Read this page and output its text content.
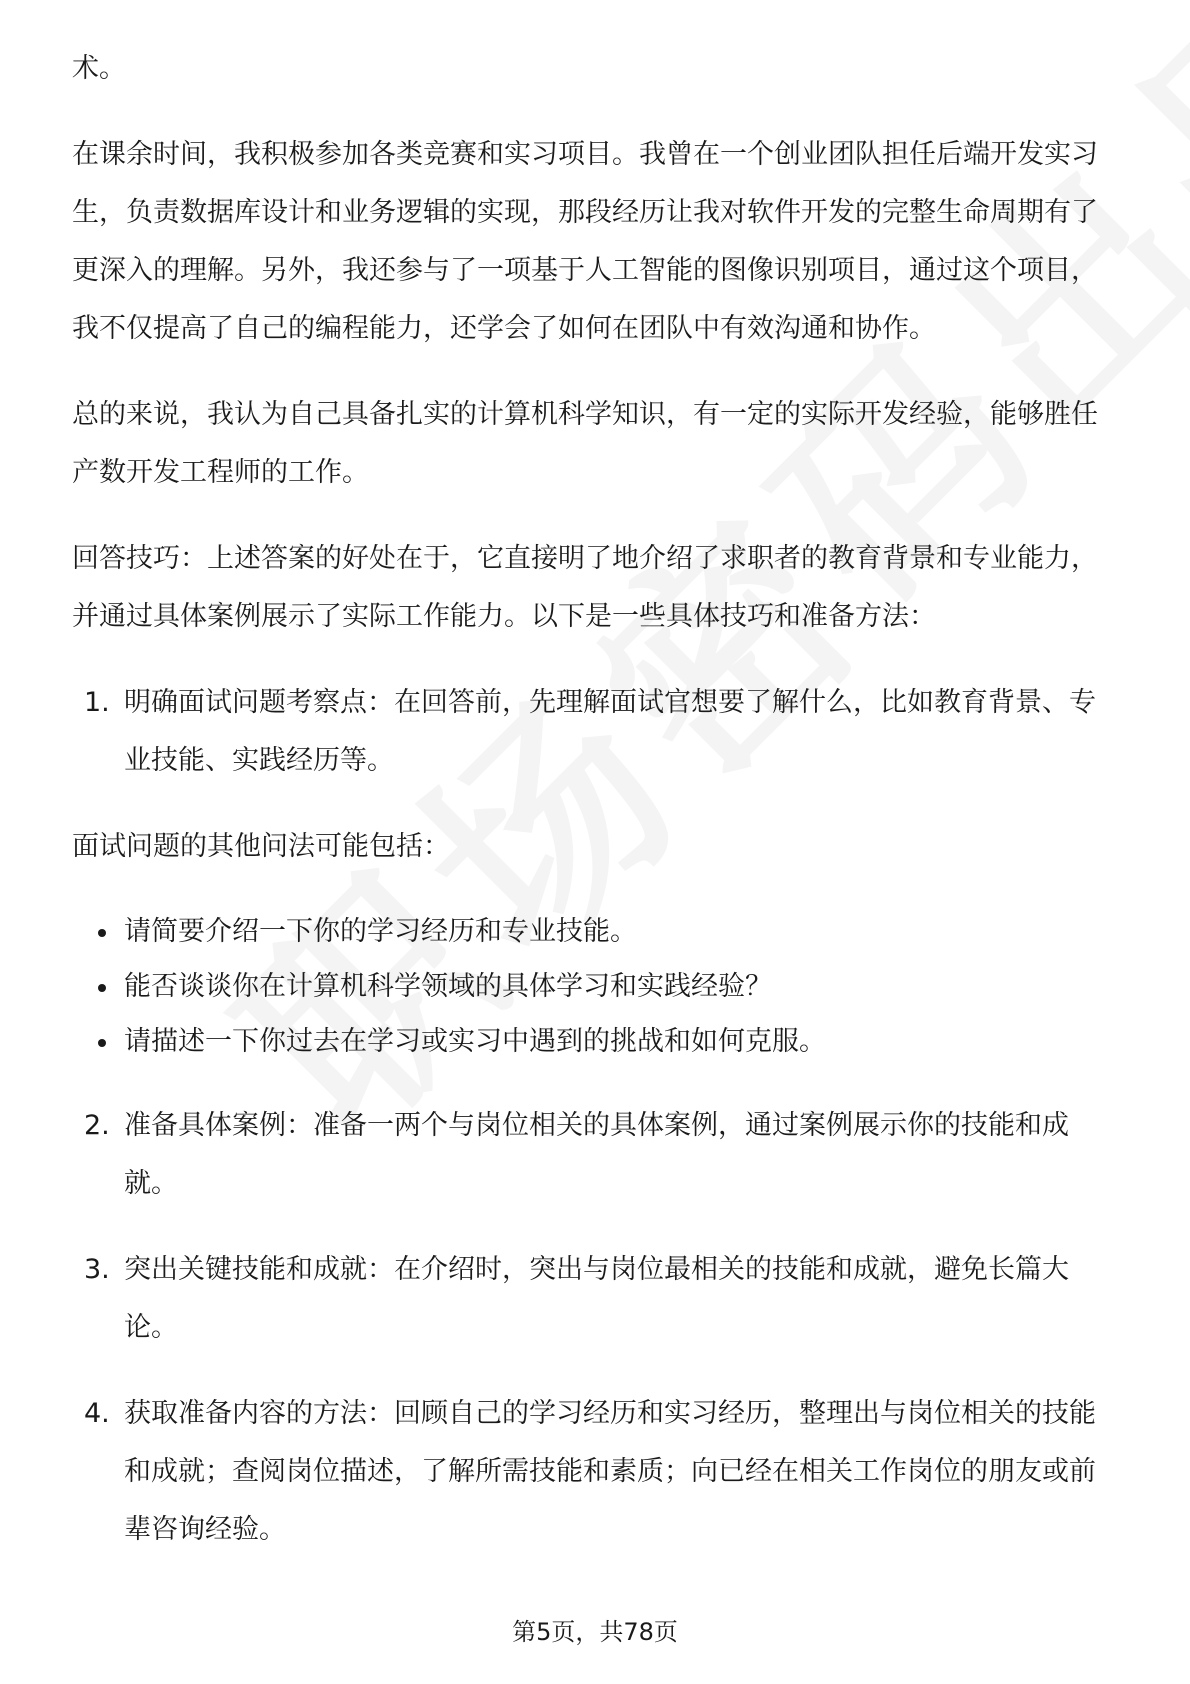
术。

在课余时间，我积极参加各类竞赛和实习项目。我曾在一个创业团队担任后端开发实习生，负责数据库设计和业务逻辑的实现，那段经历让我对软件开发的完整生命周期有了更深入的理解。另外，我还参与了一项基于人工智能的图像识别项目，通过这个项目，我不仅提高了自己的编程能力，还学会了如何在团队中有效沟通和协作。

总的来说，我认为自己具备扎实的计算机科学知识，有一定的实际开发经验，能够胜任产数开发工程师的工作。

回答技巧：上述答案的好处在于，它直接明了地介绍了求职者的教育背景和专业能力，并通过具体案例展示了实际工作能力。以下是一些具体技巧和准备方法：

1. 明确面试问题考察点：在回答前，先理解面试官想要了解什么，比如教育背景、专业技能、实践经历等。

面试问题的其他问法可能包括：

请简要介绍一下你的学习经历和专业技能。
能否谈谈你在计算机科学领域的具体学习和实践经验？
请描述一下你过去在学习或实习中遇到的挑战和如何克服。
2. 准备具体案例：准备一两个与岗位相关的具体案例，通过案例展示你的技能和成就。

3. 突出关键技能和成就：在介绍时，突出与岗位最相关的技能和成就，避免长篇大论。

4. 获取准备内容的方法：回顾自己的学习经历和实习经历，整理出与岗位相关的技能和成就；查阅岗位描述，了解所需技能和素质；向已经在相关工作岗位的朋友或前辈咨询经验。

第5页，共78页
